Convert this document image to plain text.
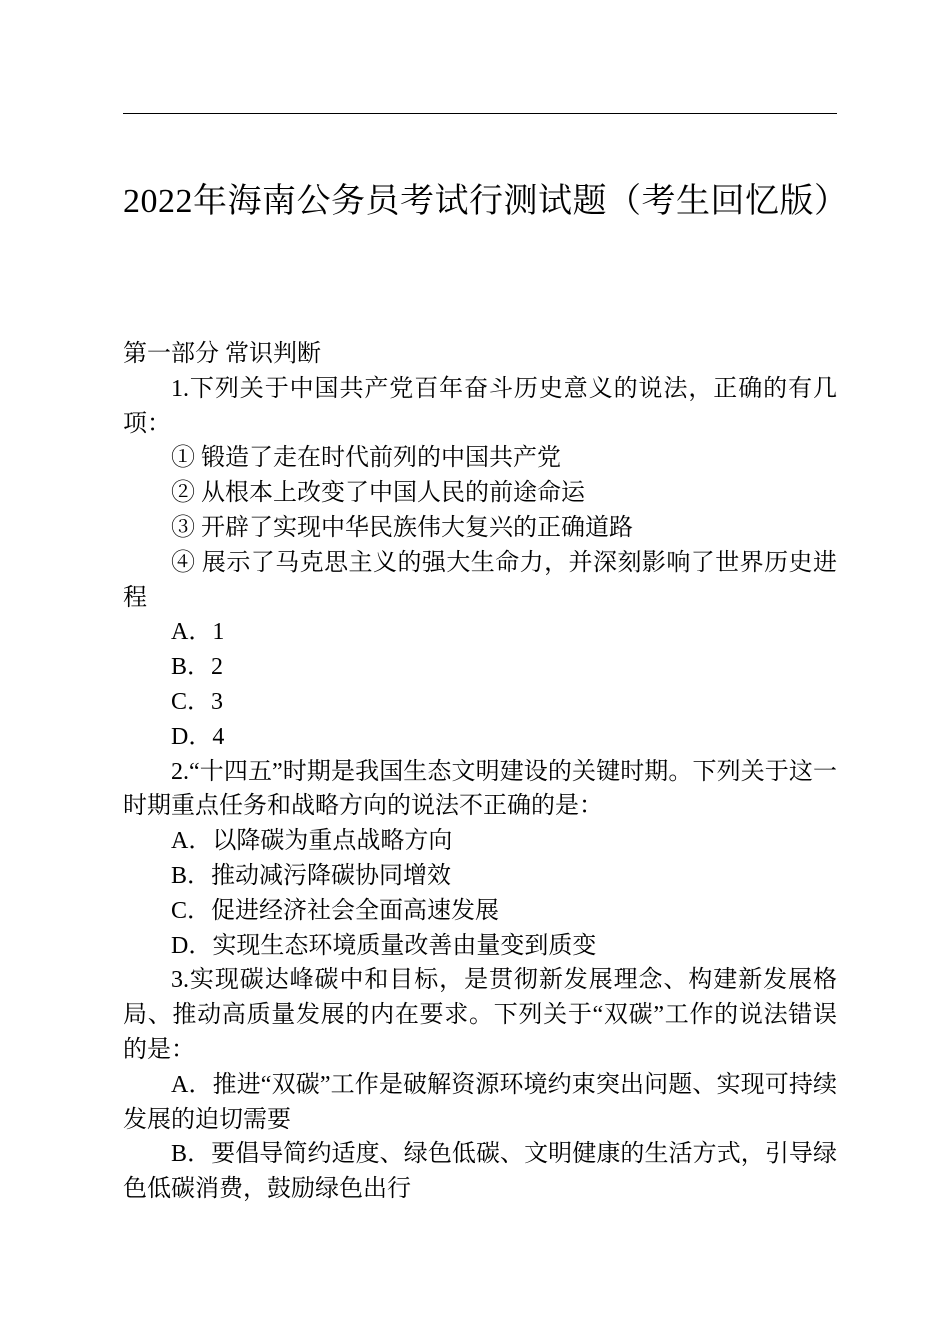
2022年海南公务员考试行测试题（考生回忆版）

第一部分 常识判断

1.下列关于中国共产党百年奋斗历史意义的说法，正确的有几项：

① 锻造了走在时代前列的中国共产党

② 从根本上改变了中国人民的前途命运

③ 开辟了实现中华民族伟大复兴的正确道路

④ 展示了马克思主义的强大生命力，并深刻影响了世界历史进程

A．1

B．2

C．3

D．4

2.“十四五”时期是我国生态文明建设的关键时期。下列关于这一时期重点任务和战略方向的说法不正确的是：

A．以降碳为重点战略方向

B．推动减污降碳协同增效

C．促进经济社会全面高速发展

D．实现生态环境质量改善由量变到质变

3.实现碳达峰碳中和目标，是贯彻新发展理念、构建新发展格局、推动高质量发展的内在要求。下列关于“双碳”工作的说法错误的是：

A．推进“双碳”工作是破解资源环境约束突出问题、实现可持续发展的迫切需要

B．要倡导简约适度、绿色低碳、文明健康的生活方式，引导绿色低碳消费，鼓励绿色出行
